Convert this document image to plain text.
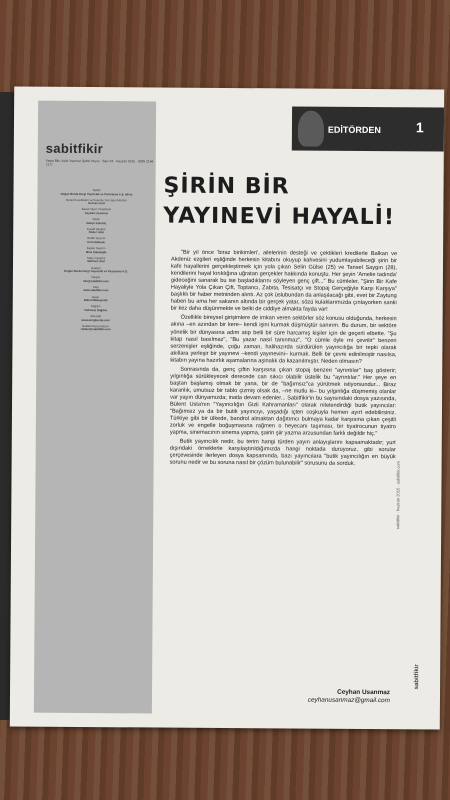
sabitfikir
Yaşar Bilir, Aylık Yayınevi Şahsi Yayını · Sayı 53 · Haziran 2015 · ISSN 2146-7277
Sahibi
Doğan Burda Dergi Yayıncılık ve Pazarlama A.Ş. adına
Genel Koordinatör ve Sorumlu Yazı İşleri Müdürü
Nurcan Fırat
Genel Yayın Yönetmeni
Ceyhan Usanmaz
Editör
Gökçe Gündüç
Kreatif Direktör
Önder Ünlü
Grafik Tasarım
Esra Dikbıyık
Kapak Tasarım
Mine Çakaloğlu
Satış Yönetimi
Mehmet Ünal
Reklam
Doğan Burda Dergi Yayıncılık ve Pazarlama A.Ş.
İletişim
info@sabitfikir.com
Web
www.sabitfikir.com
Baskı
Bilnet Matbaacılık
Dağıtım
Turkuvaz Dağıtım
Abonelik
www.dergiburda.com
Reklam Rezervasyon
reklam@sabitfikir.com
EDİTÖRDEN 1
ŞİRİN BİR
YAYINEVİ HAYALİ!

"Bir yıl önce 'biraz birikimleri', ailelerinin desteği ve çektikleri kredilerle Balkan ve Akdeniz ezgileri eşliğinde herkesin kitabını okuyup kahvesini yudumlayabileceği şirin bir kafe hayallerini gerçekleştirmek için yola çıkan Selin Gülse (25) ve Tansel Saygın (28), kendilerini hayal kırıklığına uğratan gerçekler hakkında konuştu. Her şeyin 'Amelie tadında' gideceğini sanarak bu ise başladıklarını söyleyen genç çift..." Bu cümleler, "Şirin Bir Kafe Hayaliyle Yola Çıkan Çift, Toptancı, Zabıta, Tesisatçı ve Stopaj Gerçeğiyle Karşı Karşıya" başlıklı bir haber metninden alıntı. Az çok üslubundan da anlaşılacağı gibi, evet bir Zaytung haberi bu ama her sakanın altında bir gerçek yatar, sözü kulaklarımızda çınlayorken sanki bir kez daha düşünmekte ve belki de ciddiye almakta fayda var!

Özellikle bireysel girişimlere de imkan veren sektörler söz konusu olduğunda, herkesin akına –en azından bir kere– kendi işini kurmak düşmüştür sanırım. Bu durum, bir sektöre yönelik bir dünyasına adım atıp belli bir süre harcamış kişiler için de geçerli elbette. "Şu kitap nasıl basılmaz", "Bu yazar nasıl tanınmaz", "O cümle öyle mi çevrilir" benzeri serzenişler eşliğinde, çoğu zaman, halihazırda sürdürülen yayıncılığa bir tepki olarak akıllara yerleşir bir yayınevi –kendi yayınevini– kurmak. Belli bir çevre edinilmiştir nasılsa, kitabın yayına hazırlık aşamalarına aşinalık da kazanılmıştır. Neden olmasın?

Sonrasında da, genç çiftin karşısına çıkan stopaj benzeri "ayrıntılar" baş gösterir; yılgınlığa sürükleyecek derecede can sıkıcı olabilir üstelik bu "ayrıntılar." Her şeye en baştan başlamış olmak bir yana, bir de "bağımsız"ca yürütmek istiyorsundur... Biraz karanlık, umutsuz bir tablo çizmiş olsak da, –ne mutlu ki– bu yılgınlığa düşmemiş olanlar var yayın dünyamızda; inatla devam edenler... Sabitfikir'in bu sayısındaki dosya yazısında, Bülent Usta'nın "Yayıncılığın Gizli Kahramanları" olarak nitelendirdiği butik yayıncılar: "Bağımsız ya da bir butik yayıncıyı, yaşadığı içten coşkuyla hemen ayırt edebilirsiniz. Türkiye gibi bir ülkede, bandrol almaktan dağıtımcı bulmaya kadar karşısına çıkan çeşitli zorluk ve engelle boğuşmasına rağmen o heyecanı taşıması, bir tiyatrocunun tiyatro yapma, sinemacının sinema yapma, şairin şiir yazma arzusundan farklı değildir hiç."

Butik yayıncılık nedir, bu terim hangi türden yayın anlayışlarını kapsamaktadır; yurt dışındaki örneklerle karşılaştırıldığımızda hangi noktada duruyoruz, gibi sorular çerçevesinde ilerleyen dosya kapsamında, bazı yayıncılara "butik yayıncılığın en büyük sorunu nedir ve bu soruna nasıl bir çözüm bulunabilir" sorusunu da sorduk.

Ceyhan Usanmaz
ceyhanusanmaz@gmail.com
sabitfikir · haziran 2015 · sabitfikir.com
sabitfikir
